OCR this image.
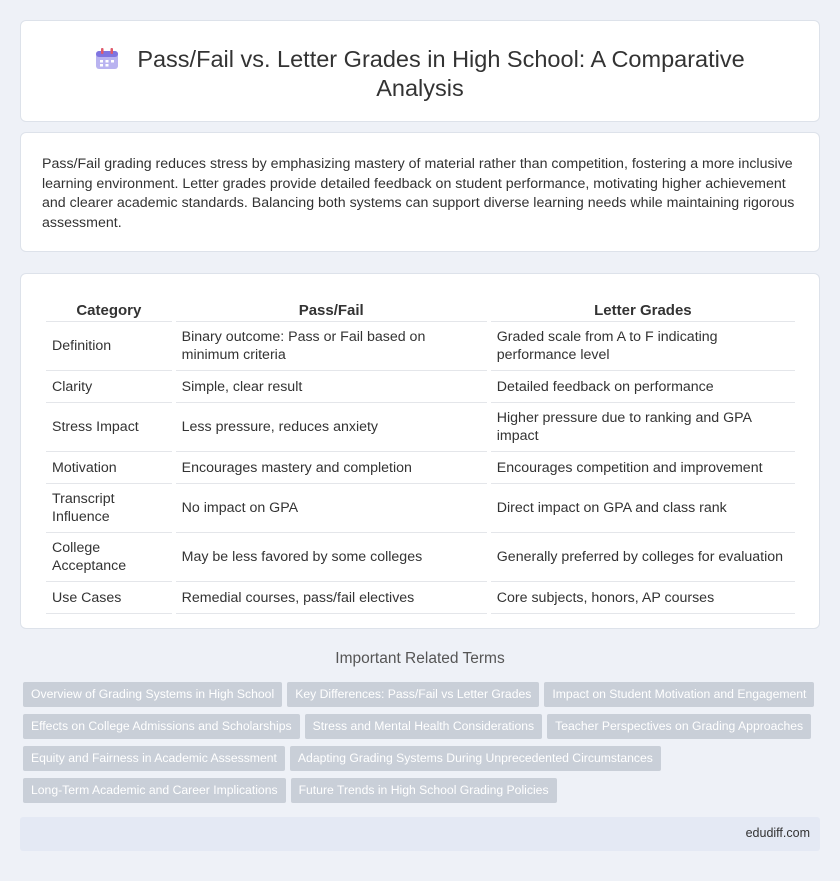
Pass/Fail vs. Letter Grades in High School: A Comparative Analysis

Pass/Fail grading reduces stress by emphasizing mastery of material rather than competition, fostering a more inclusive learning environment. Letter grades provide detailed feedback on student performance, motivating higher achievement and clearer academic standards. Balancing both systems can support diverse learning needs while maintaining rigorous assessment.

Category	Pass/Fail	Letter Grades
Definition	Binary outcome: Pass or Fail based on minimum criteria	Graded scale from A to F indicating performance level
Clarity	Simple, clear result	Detailed feedback on performance
Stress Impact	Less pressure, reduces anxiety	Higher pressure due to ranking and GPA impact
Motivation	Encourages mastery and completion	Encourages competition and improvement
Transcript Influence	No impact on GPA	Direct impact on GPA and class rank
College Acceptance	May be less favored by some colleges	Generally preferred by colleges for evaluation
Use Cases	Remedial courses, pass/fail electives	Core subjects, honors, AP courses
Important Related Terms
Overview of Grading Systems in High School Key Differences: Pass/Fail vs Letter Grades Impact on Student Motivation and Engagement
Effects on College Admissions and Scholarships Stress and Mental Health Considerations Teacher Perspectives on Grading Approaches
Equity and Fairness in Academic Assessment Adapting Grading Systems During Unprecedented Circumstances
Long-Term Academic and Career Implications Future Trends in High School Grading Policies
edudiff.com
